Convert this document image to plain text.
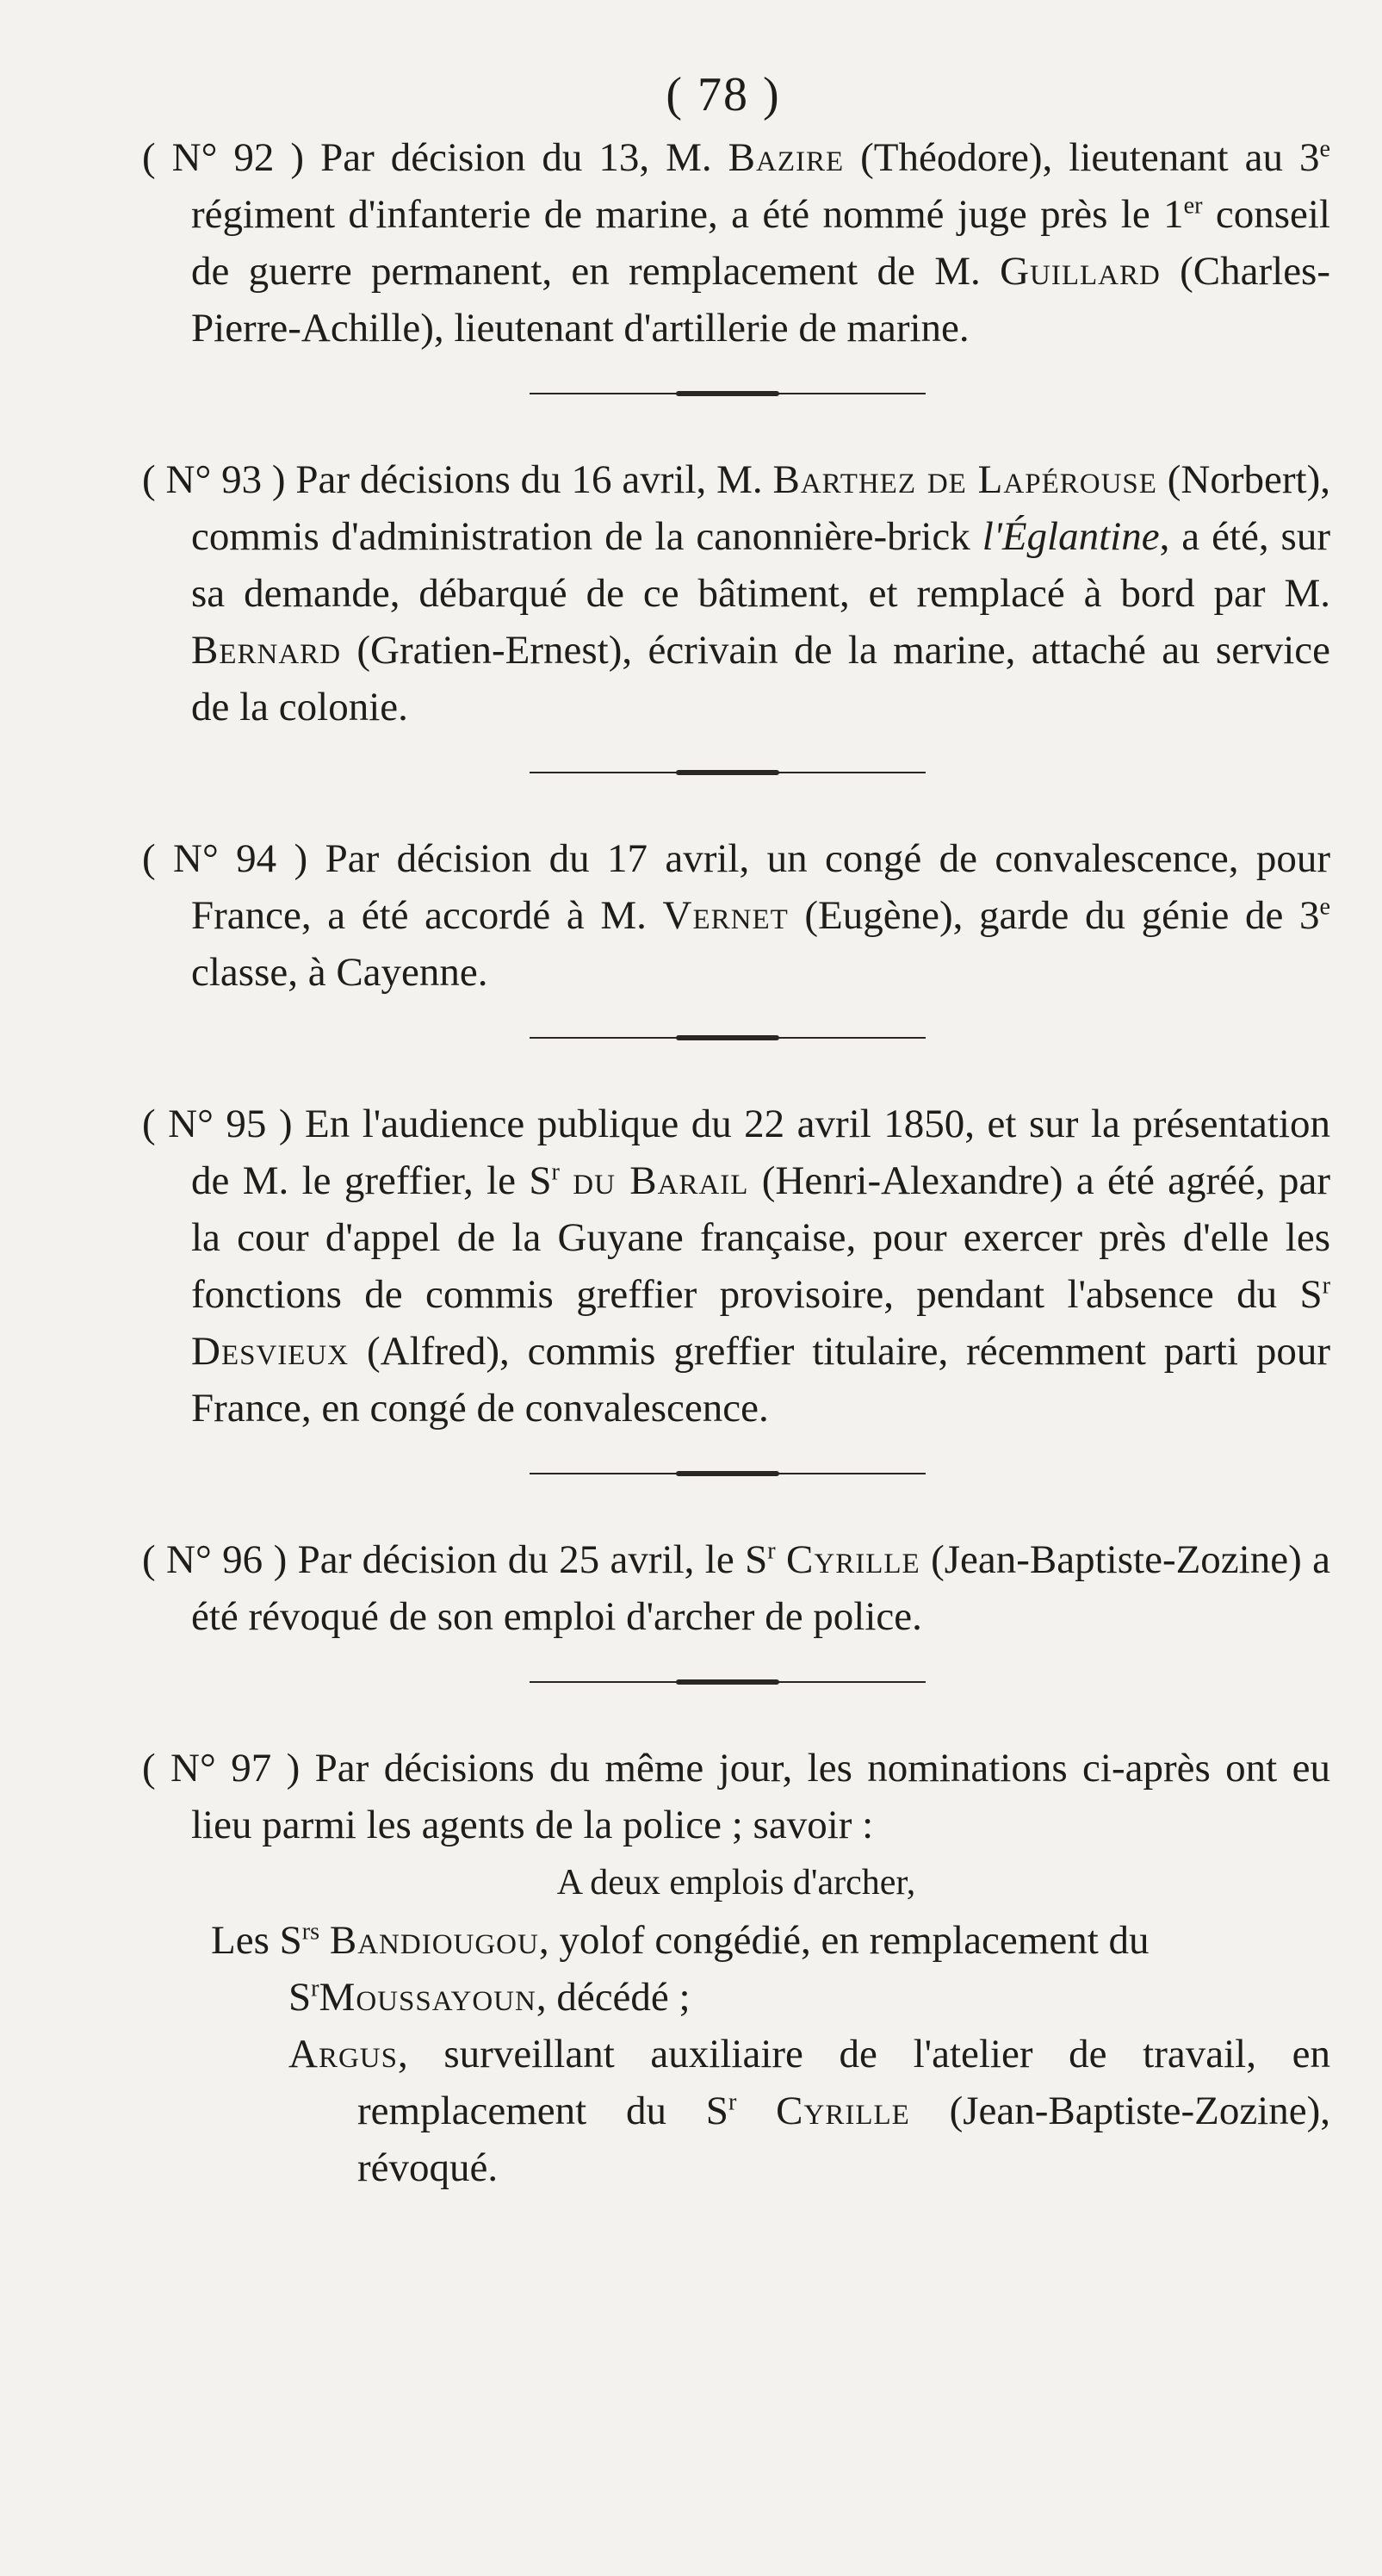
( 78 )

( N° 92 ) Par décision du 13, M. Bazire (Théodore), lieutenant au 3e régiment d'infanterie de marine, a été nommé juge près le 1er conseil de guerre permanent, en remplacement de M. Guillard (Charles-Pierre-Achille), lieutenant d'artillerie de marine.

( N° 93 ) Par décisions du 16 avril, M. Barthez de Lapérouse (Norbert), commis d'administration de la canonnière-brick l'Églantine, a été, sur sa demande, débarqué de ce bâtiment, et remplacé à bord par M. Bernard (Gratien-Ernest), écrivain de la marine, attaché au service de la colonie.

( N° 94 ) Par décision du 17 avril, un congé de convalescence, pour France, a été accordé à M. Vernet (Eugène), garde du génie de 3e classe, à Cayenne.

( N° 95 ) En l'audience publique du 22 avril 1850, et sur la présentation de M. le greffier, le $S^r$ du Barail (Henri-Alexandre) a été agréé, par la cour d'appel de la Guyane française, pour exercer près d'elle les fonctions de commis greffier provisoire, pendant l'absence du $S^r$ Desvieux (Alfred), commis greffier titulaire, récemment parti pour France, en congé de convalescence.

( N° 96 ) Par décision du 25 avril, le $S^r$ Cyrille (Jean-Baptiste-Zozine) a été révoqué de son emploi d'archer de police.

( N° 97 ) Par décisions du même jour, les nominations ci-après ont eu lieu parmi les agents de la police ; savoir :

A deux emplois d'archer,

Les $S^{rs}$ Bandiougou, yolof congédié, en remplacement du
$S^rMoussayoun$, décédé ;

Argus, surveillant auxiliaire de l'atelier de travail, en remplacement du $S^r$ Cyrille (Jean-Baptiste-Zozine), révoqué.
